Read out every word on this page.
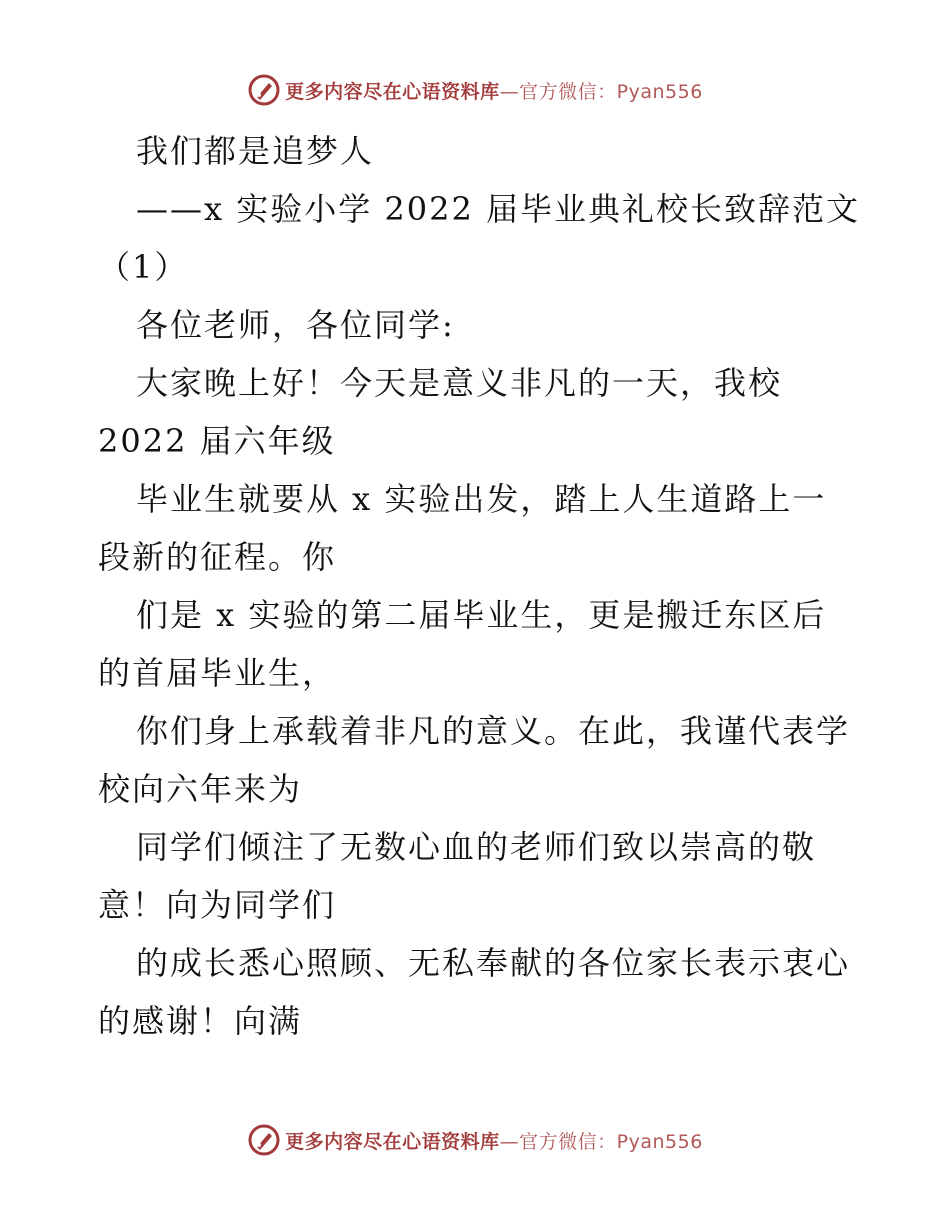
更多内容尽在心语资料库—官方微信：Pyan556
我们都是追梦人
——x 实验小学 2022 届毕业典礼校长致辞范文
（1）
各位老师，各位同学:
大家晚上好！今天是意义非凡的一天，我校
2022 届六年级
毕业生就要从 x 实验出发，踏上人生道路上一
段新的征程。你
们是 x 实验的第二届毕业生，更是搬迁东区后
的首届毕业生，
你们身上承载着非凡的意义。在此，我谨代表学
校向六年来为
同学们倾注了无数心血的老师们致以崇高的敬
意！向为同学们
的成长悉心照顾、无私奉献的各位家长表示衷心
的感谢！向满
更多内容尽在心语资料库—官方微信：Pyan556
